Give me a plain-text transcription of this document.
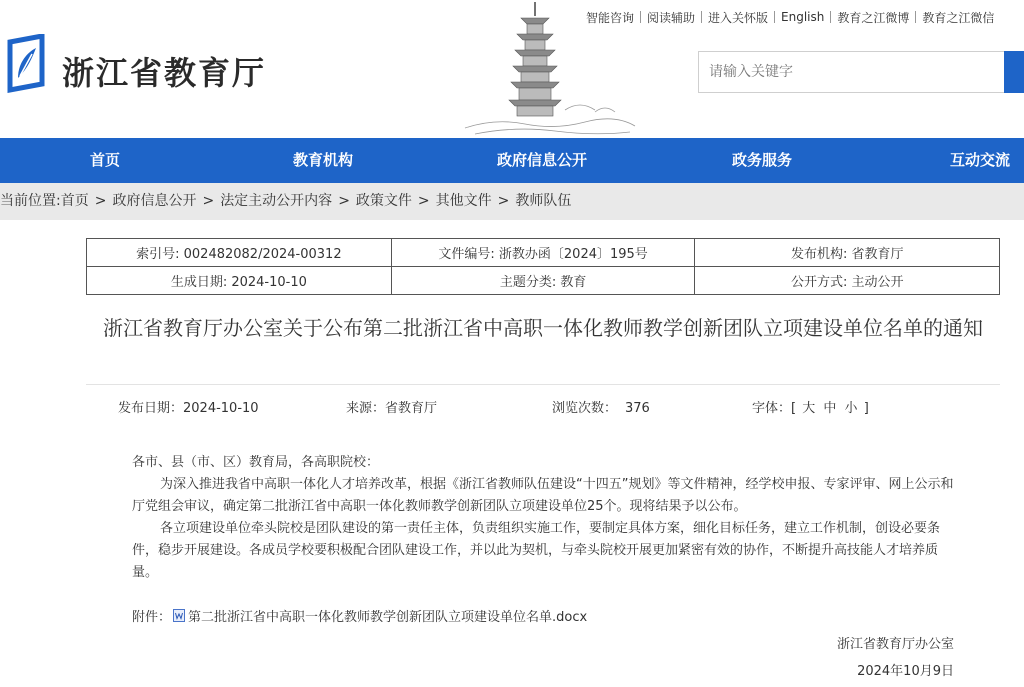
浙江省教育厅
智能咨询 阅读辅助 进入关怀版 English 教育之江微博 教育之江微信
请输入关键字
首页	教育机构	政府信息公开	政务服务	互动交流
当前位置:首页 > 政府信息公开 > 法定主动公开内容 > 政策文件 > 其他文件 > 教师队伍
索引号: 002482082/2024-00312	文件编号: 浙教办函〔2024〕195号	发布机构: 省教育厅
生成日期: 2024-10-10	主题分类: 教育	公开方式: 主动公开
浙江省教育厅办公室关于公布第二批浙江省中高职一体化教师教学创新团队立项建设单位名单的通知
发布日期：2024-10-10	来源：省教育厅	浏览次数： 376	字体：[ 大 中 小 ]

各市、县（市、区）教育局，各高职院校：

为深入推进我省中高职一体化人才培养改革，根据《浙江省教师队伍建设“十四五”规划》等文件精神，经学校申报、专家评审、网上公示和厅党组会审议，确定第二批浙江省中高职一体化教师教学创新团队立项建设单位25个。现将结果予以公布。

各立项建设单位牵头院校是团队建设的第一责任主体，负责组织实施工作，要制定具体方案，细化目标任务，建立工作机制，创设必要条件，稳步开展建设。各成员学校要积极配合团队建设工作，并以此为契机，与牵头院校开展更加紧密有效的协作，不断提升高技能人才培养质量。

附件： 第二批浙江省中高职一体化教师教学创新团队立项建设单位名单.docx
浙江省教育厅办公室
2024年10月9日
